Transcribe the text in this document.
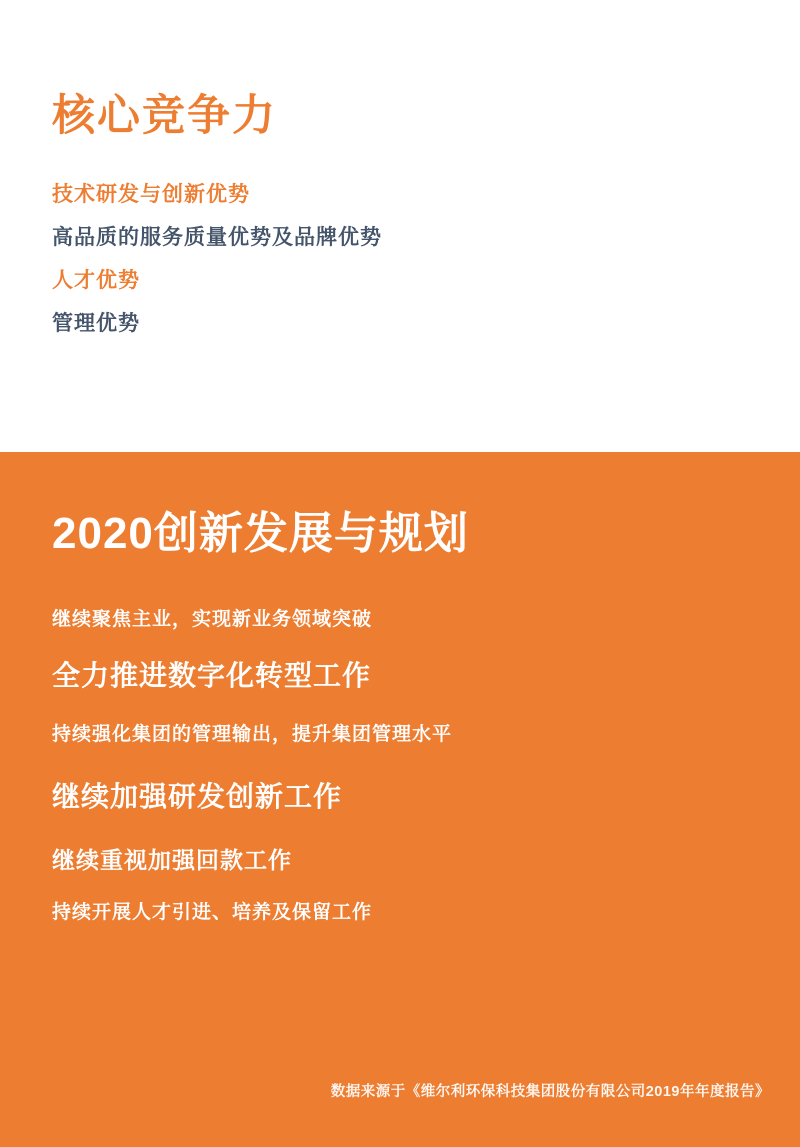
核心竞争力
技术研发与创新优势
高品质的服务质量优势及品牌优势
人才优势
管理优势
2020创新发展与规划
继续聚焦主业，实现新业务领域突破
全力推进数字化转型工作
持续强化集团的管理输出，提升集团管理水平
继续加强研发创新工作
继续重视加强回款工作
持续开展人才引进、培养及保留工作
数据来源于《维尔利环保科技集团股份有限公司2019年年度报告》
